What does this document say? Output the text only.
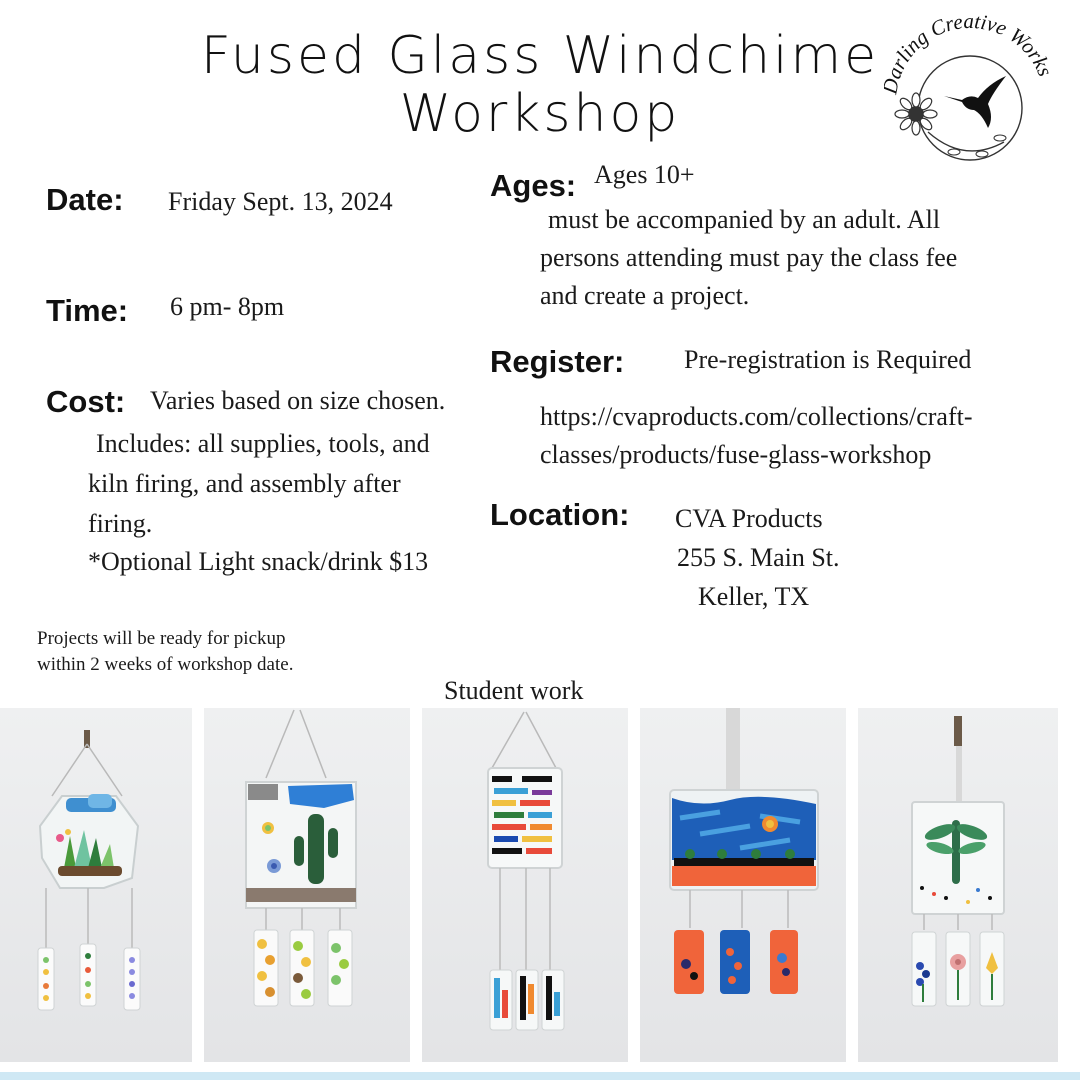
Fused Glass Windchime
Workshop
arling Creative Work
Date: Friday Sept. 13, 2024
Time: 6 pm- 8pm
Cost: Varies based on size chosen.
Includes: all supplies, tools, and
kiln firing, and assembly after
firing.
*Optional Light snack/drink $13
Ages: Ages 10+
must be accompanied by an adult. All
persons attending must pay the class fee
and create a project.
Register: Pre-registration is Required
https://cvaproducts.com/collections/craft-
classes/products/fuse-glass-workshop
Location: CVA Products
255 S. Main St.
Keller, TX
Projects will be ready for pickup
within 2 weeks of workshop date.
Student work
